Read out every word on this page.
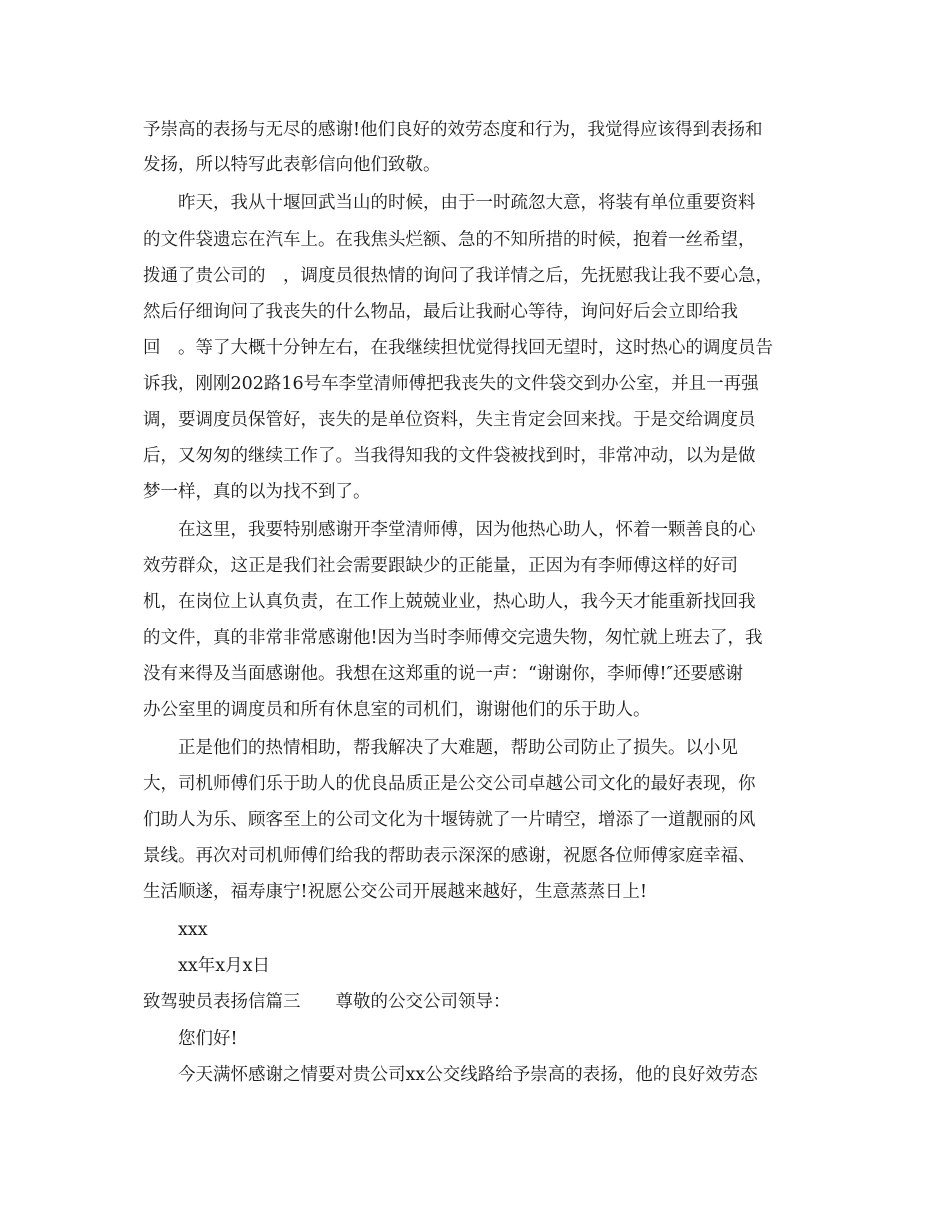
予崇高的表扬与无尽的感谢!他们良好的效劳态度和行为，我觉得应该得到表扬和
发扬，所以特写此表彰信向他们致敬。
昨天，我从十堰回武当山的时候，由于一时疏忽大意，将装有单位重要资料
的文件袋遗忘在汽车上。在我焦头烂额、急的不知所措的时候，抱着一丝希望，
拨通了贵公司的　，调度员很热情的询问了我详情之后，先抚慰我让我不要心急，
然后仔细询问了我丧失的什么物品，最后让我耐心等待，询问好后会立即给我
回　。等了大概十分钟左右，在我继续担忧觉得找回无望时，这时热心的调度员告
诉我，刚刚202路16号车李堂清师傅把我丧失的文件袋交到办公室，并且一再强
调，要调度员保管好，丧失的是单位资料，失主肯定会回来找。于是交给调度员
后，又匆匆的继续工作了。当我得知我的文件袋被找到时，非常冲动，以为是做
梦一样，真的以为找不到了。
在这里，我要特别感谢开李堂清师傅，因为他热心助人，怀着一颗善良的心
效劳群众，这正是我们社会需要跟缺少的正能量，正因为有李师傅这样的好司
机，在岗位上认真负责，在工作上兢兢业业，热心助人，我今天才能重新找回我
的文件，真的非常非常感谢他!因为当时李师傅交完遗失物，匆忙就上班去了，我
没有来得及当面感谢他。我想在这郑重的说一声：“谢谢你，李师傅!″还要感谢
办公室里的调度员和所有休息室的司机们，谢谢他们的乐于助人。
正是他们的热情相助，帮我解决了大难题，帮助公司防止了损失。以小见
大，司机师傅们乐于助人的优良品质正是公交公司卓越公司文化的最好表现，你
们助人为乐、顾客至上的公司文化为十堰铸就了一片晴空，增添了一道靓丽的风
景线。再次对司机师傅们给我的帮助表示深深的感谢，祝愿各位师傅家庭幸福、
生活顺遂，福寿康宁!祝愿公交公司开展越来越好，生意蒸蒸日上!
xxx
xx年x月x日
致驾驶员表扬信篇三　　尊敬的公交公司领导：
您们好!
今天满怀感谢之情要对贵公司xx公交线路给予崇高的表扬，他的良好效劳态
